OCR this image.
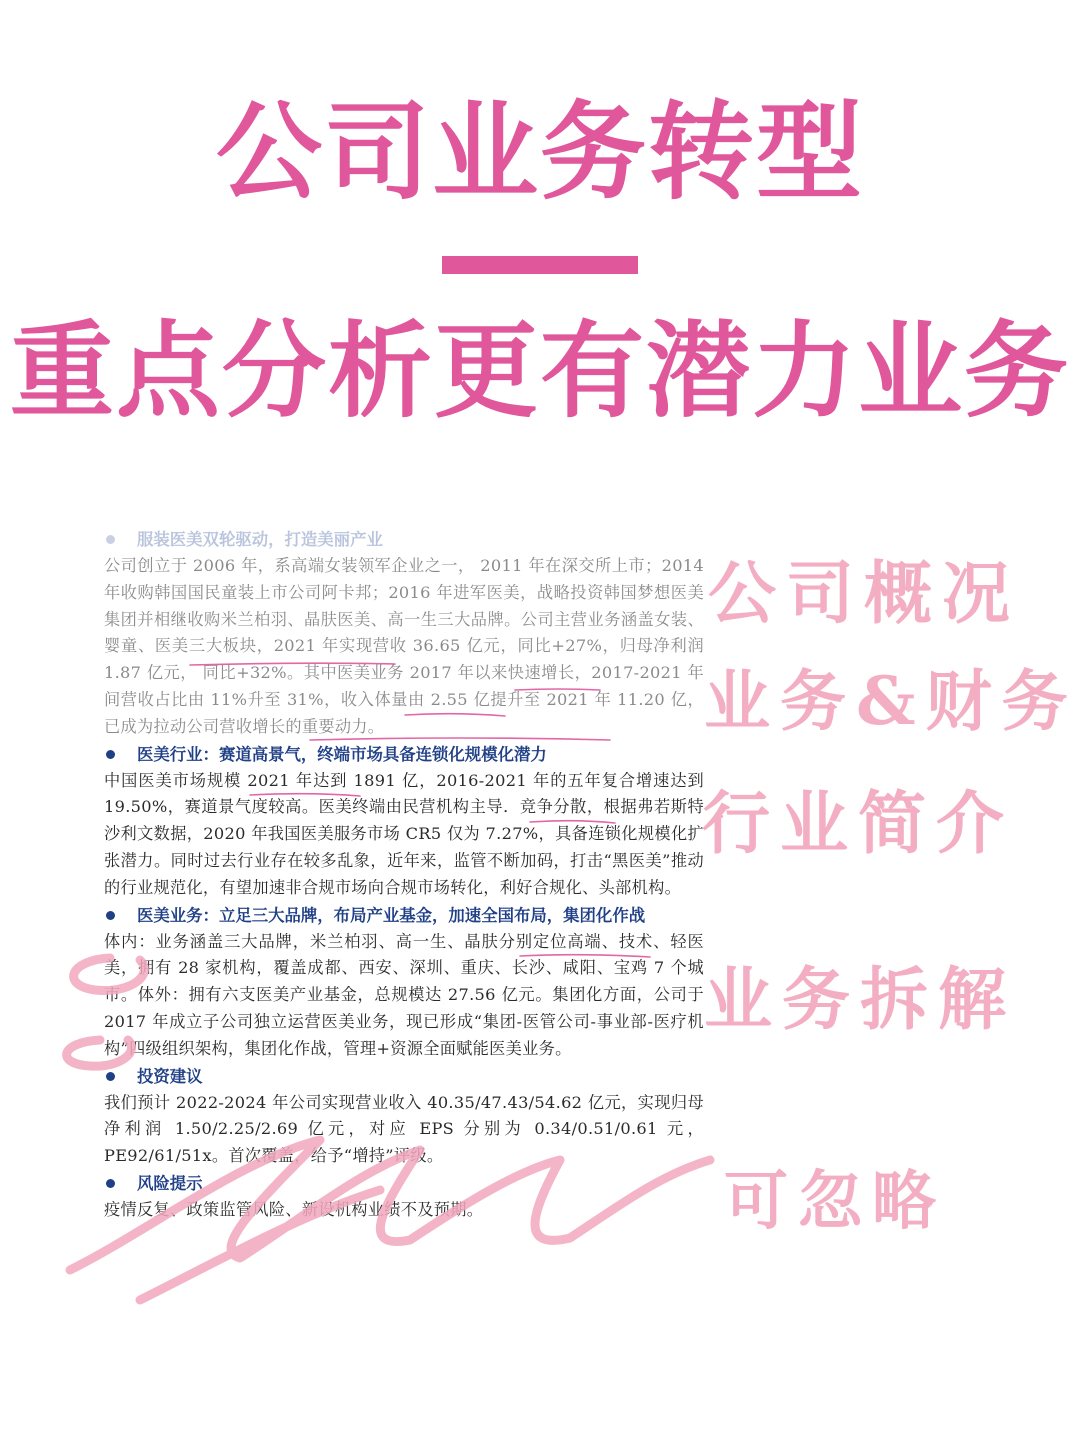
公司业务转型
重点分析更有潜力业务
服装医美双轮驱动，打造美丽产业

公司创立于 2006 年，系高端女装领军企业之一， 2011 年在深交所上市；2014 年收购韩国国民童装上市公司阿卡邦；2016 年进军医美，战略投资韩国梦想医美集团并相继收购米兰柏羽、晶肤医美、高一生三大品牌。公司主营业务涵盖女装、婴童、医美三大板块，2021 年实现营收 36.65 亿元，同比+27%，归母净利润 1.87 亿元， 同比+32%。其中医美业务 2017 年以来快速增长，2017-2021 年间营收占比由 11%升至 31%，收入体量由 2.55 亿提升至 2021 年 11.20 亿，已成为拉动公司营收增长的重要动力。

医美行业：赛道高景气，终端市场具备连锁化规模化潜力

中国医美市场规模 2021 年达到 1891 亿，2016-2021 年的五年复合增速达到 19.50%，赛道景气度较高。医美终端由民营机构主导．竞争分散，根据弗若斯特沙利文数据，2020 年我国医美服务市场 CR5 仅为 7.27%，具备连锁化规模化扩张潜力。同时过去行业存在较多乱象，近年来，监管不断加码，打击“黑医美”推动的行业规范化，有望加速非合规市场向合规市场转化，利好合规化、头部机构。

医美业务：立足三大品牌，布局产业基金，加速全国布局，集团化作战

体内：业务涵盖三大品牌，米兰柏羽、高一生、晶肤分别定位高端、技术、轻医美，拥有 28 家机构，覆盖成都、西安、深圳、重庆、长沙、咸阳、宝鸡 7 个城市。体外：拥有六支医美产业基金，总规模达 27.56 亿元。集团化方面，公司于 2017 年成立子公司独立运营医美业务，现已形成“集团-医管公司-事业部-医疗机构”四级组织架构，集团化作战，管理+资源全面赋能医美业务。

投资建议

我们预计 2022-2024 年公司实现营业收入 40.35/47.43/54.62 亿元，实现归母净利润 1.50/2.25/2.69 亿元，对应 EPS 分别为 0.34/0.51/0.61 元，PE92/61/51x。首次覆盖，给予“增持”评级。

风险提示

疫情反复、政策监管风险、新设机构业绩不及预期。

公司概况
业务&财务
行业简介
业务拆解
可忽略
